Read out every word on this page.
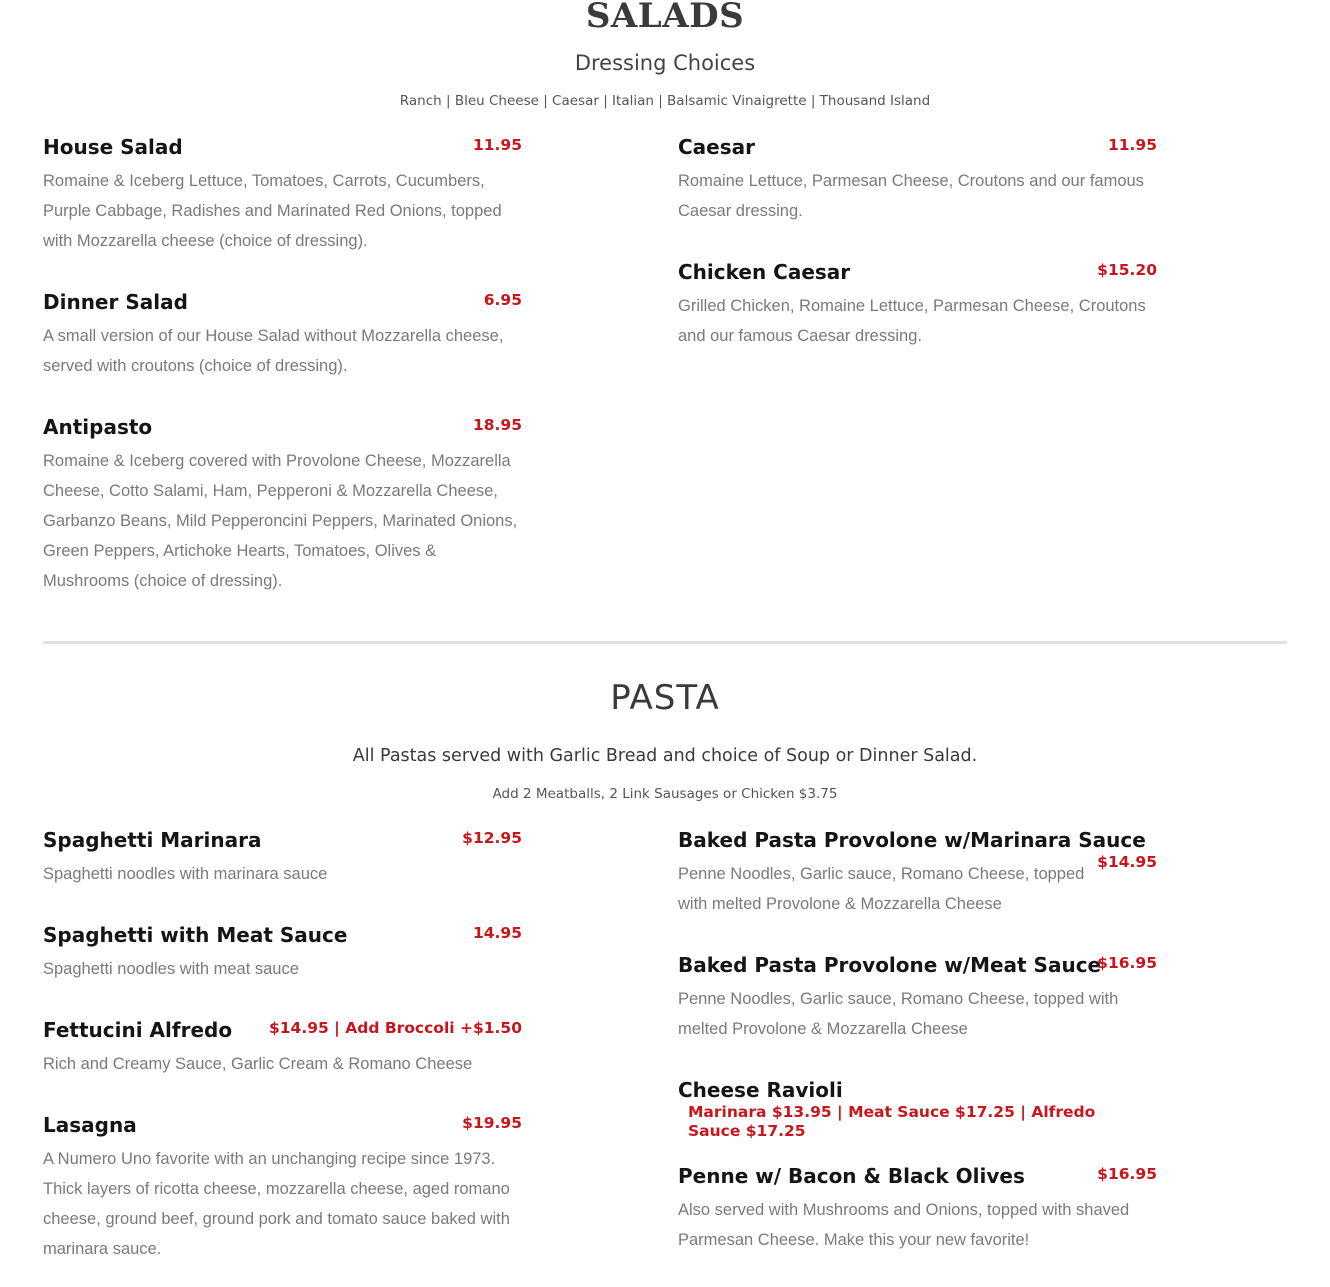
SALADS
Dressing Choices
Ranch | Bleu Cheese | Caesar | Italian | Balsamic Vinaigrette | Thousand Island
House Salad	11.95
Romaine & Iceberg Lettuce, Tomatoes, Carrots, Cucumbers, Purple Cabbage, Radishes and Marinated Red Onions, topped with Mozzarella cheese (choice of dressing).
Caesar	11.95
Romaine Lettuce, Parmesan Cheese, Croutons and our famous Caesar dressing.
Dinner Salad	6.95
A small version of our House Salad without Mozzarella cheese, served with croutons (choice of dressing).
Chicken Caesar	$15.20
Grilled Chicken, Romaine Lettuce, Parmesan Cheese, Croutons and our famous Caesar dressing.
Antipasto	18.95
Romaine & Iceberg covered with Provolone Cheese, Mozzarella Cheese, Cotto Salami, Ham, Pepperoni & Mozzarella Cheese, Garbanzo Beans, Mild Pepperoncini Peppers, Marinated Onions, Green Peppers, Artichoke Hearts, Tomatoes, Olives & Mushrooms (choice of dressing).
PASTA
All Pastas served with Garlic Bread and choice of Soup or Dinner Salad.
Add 2 Meatballs, 2 Link Sausages or Chicken $3.75
Spaghetti Marinara	$12.95
Spaghetti noodles with marinara sauce
Spaghetti with Meat Sauce	14.95
Spaghetti noodles with meat sauce
Fettucini Alfredo $14.95 | Add Broccoli +$1.50
Rich and Creamy Sauce, Garlic Cream & Romano Cheese
Lasagna	$19.95
A Numero Uno favorite with an unchanging recipe since 1973. Thick layers of ricotta cheese, mozzarella cheese, aged romano cheese, ground beef, ground pork and tomato sauce baked with marinara sauce.
Baked Pasta Provolone w/Marinara Sauce
$14.95
Penne Noodles, Garlic sauce, Romano Cheese, topped with melted Provolone & Mozzarella Cheese
Baked Pasta Provolone w/Meat Sauce
$16.95
Penne Noodles, Garlic sauce, Romano Cheese, topped with melted Provolone & Mozzarella Cheese
Cheese Ravioli
Marinara $13.95 | Meat Sauce $17.25 | Alfredo Sauce $17.25
Penne w/ Bacon & Black Olives	$16.95
Also served with Mushrooms and Onions, topped with shaved Parmesan Cheese. Make this your new favorite!
